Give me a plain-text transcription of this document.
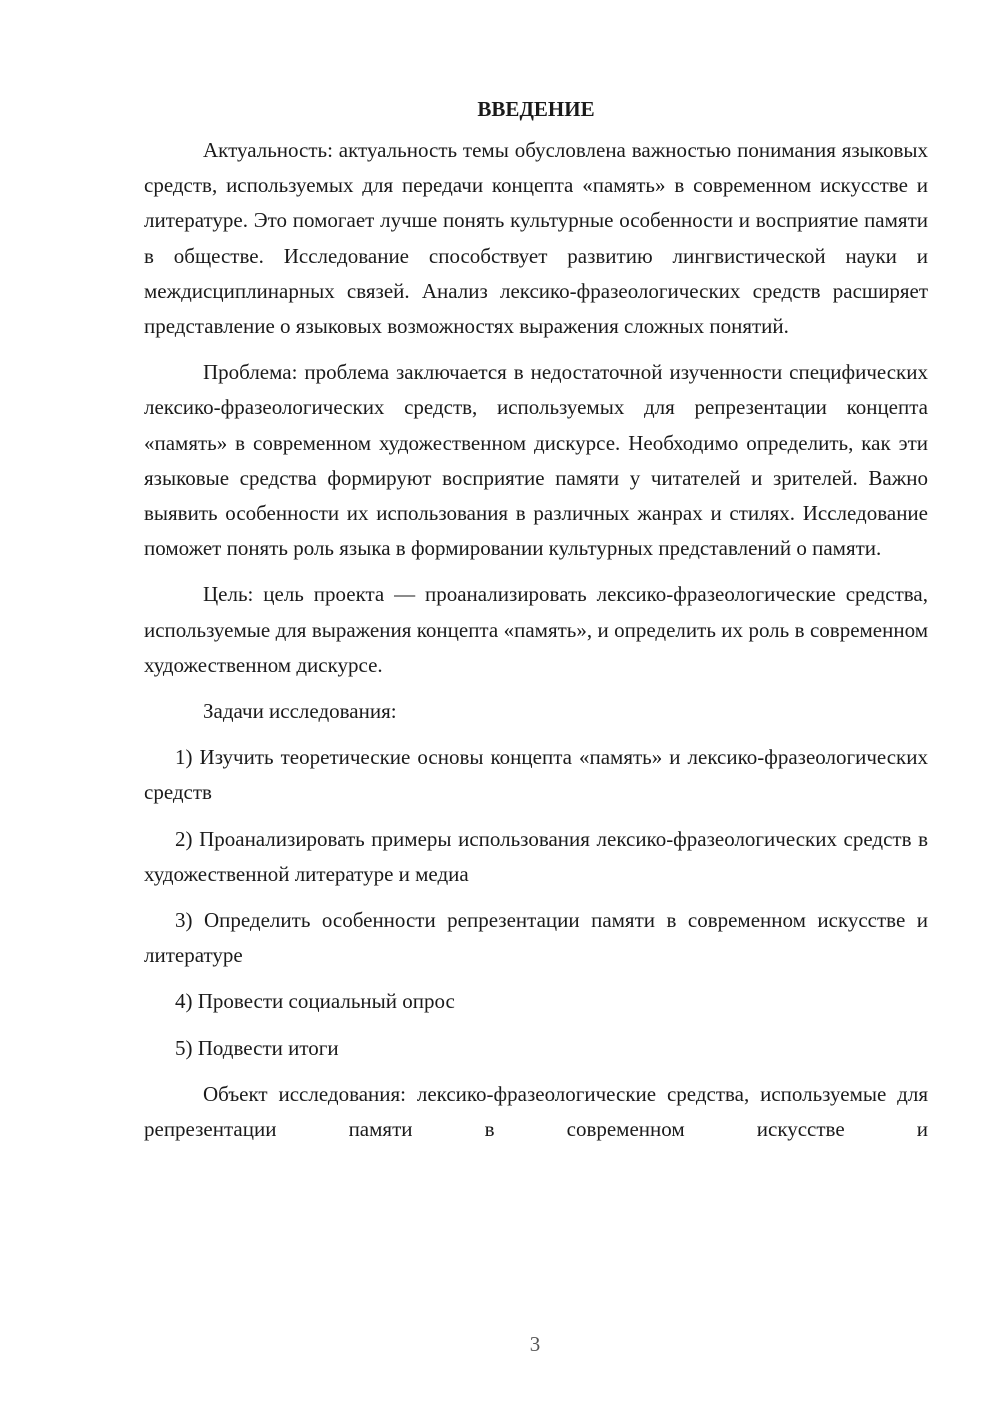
ВВЕДЕНИЕ

Актуальность: актуальность темы обусловлена важностью понимания языковых средств, используемых для передачи концепта «память» в современном искусстве и литературе. Это помогает лучше понять культурные особенности и восприятие памяти в обществе. Исследование способствует развитию лингвистической науки и междисциплинарных связей. Анализ лексико-фразеологических средств расширяет представление о языковых возможностях выражения сложных понятий.

Проблема: проблема заключается в недостаточной изученности специфических лексико-фразеологических средств, используемых для репрезентации концепта «память» в современном художественном дискурсе. Необходимо определить, как эти языковые средства формируют восприятие памяти у читателей и зрителей. Важно выявить особенности их использования в различных жанрах и стилях. Исследование поможет понять роль языка в формировании культурных представлений о памяти.

Цель: цель проекта — проанализировать лексико-фразеологические средства, используемые для выражения концепта «память», и определить их роль в современном художественном дискурсе.

Задачи исследования:

1) Изучить теоретические основы концепта «память» и лексико-фразеологических средств

2) Проанализировать примеры использования лексико-фразеологических средств в художественной литературе и медиа

3) Определить особенности репрезентации памяти в современном искусстве и литературе

4) Провести социальный опрос

5) Подвести итоги

Объект исследования: лексико-фразеологические средства, используемые для репрезентации памяти в современном искусстве и

3
